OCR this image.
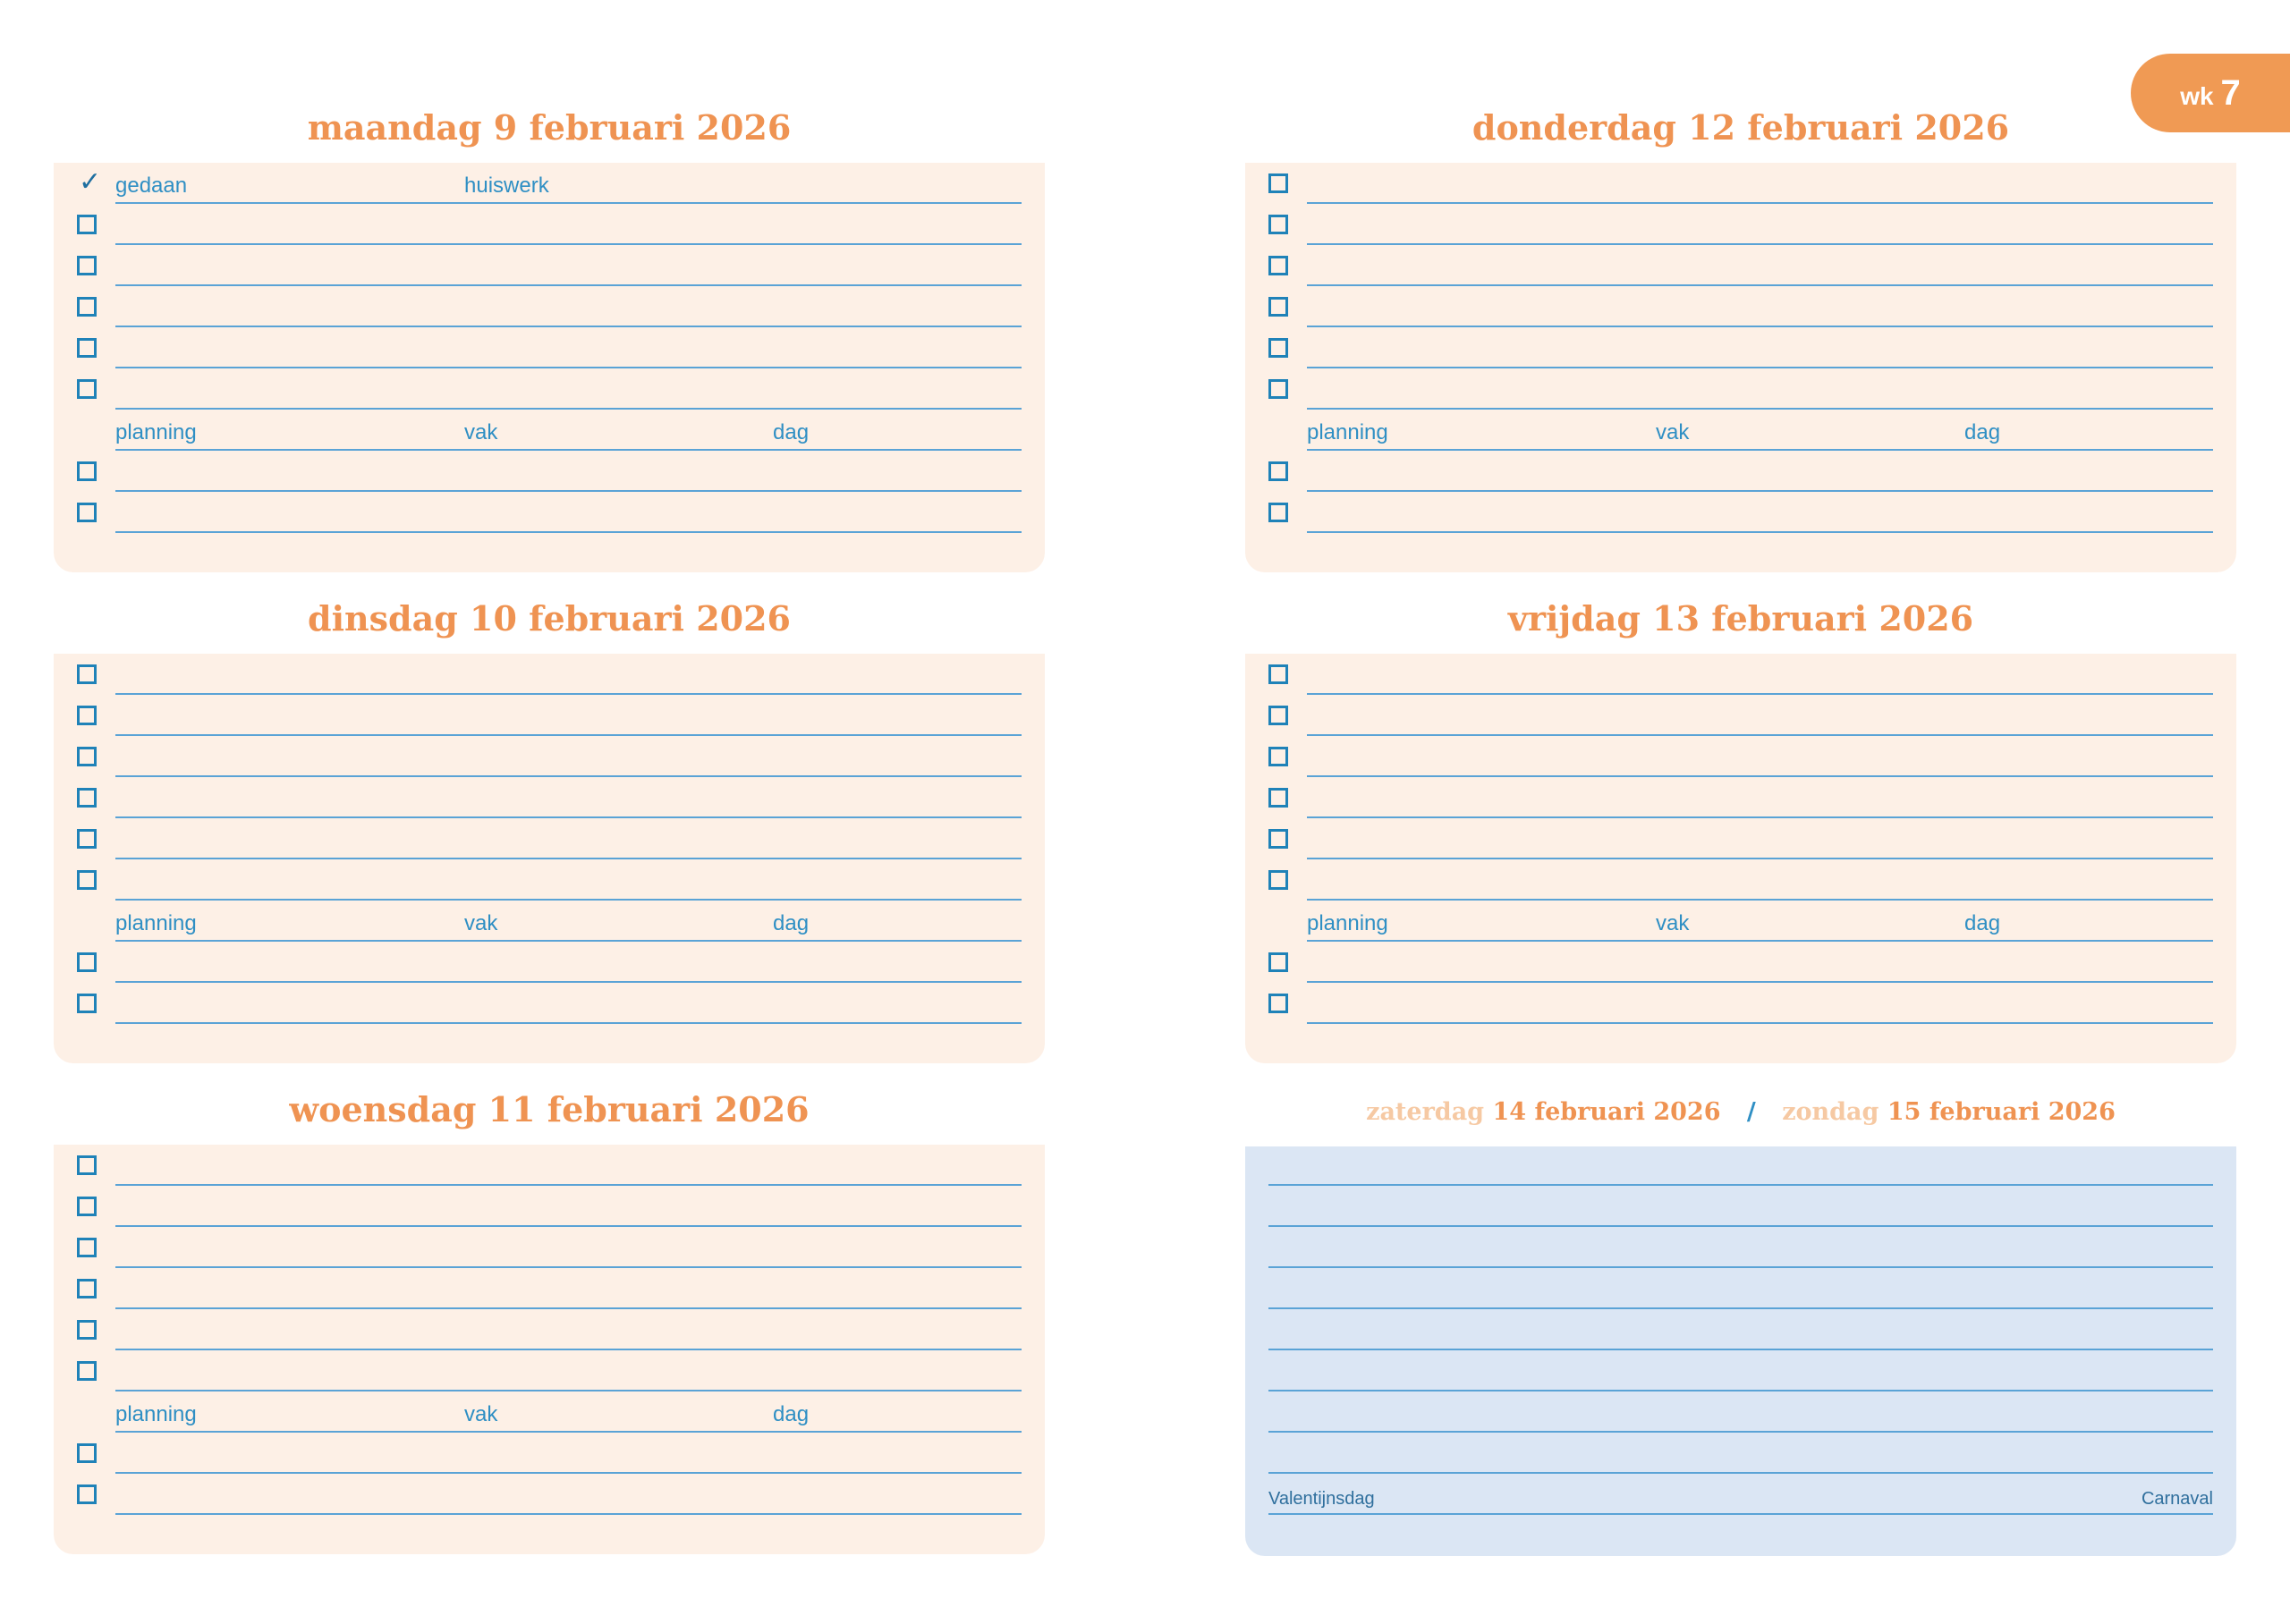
wk 7
maandag 9 februari 2026
dinsdag 10 februari 2026
woensdag 11 februari 2026
donderdag 12 februari 2026
vrijdag 13 februari 2026
✓ gedaan	huiswerk
planning	vak	dag
planning	vak	dag
planning	vak	dag
planning	vak	dag
planning	vak	dag
zaterdag 14 februari 2026 / zondag 15 februari 2026
Valentijnsdag	Carnaval
